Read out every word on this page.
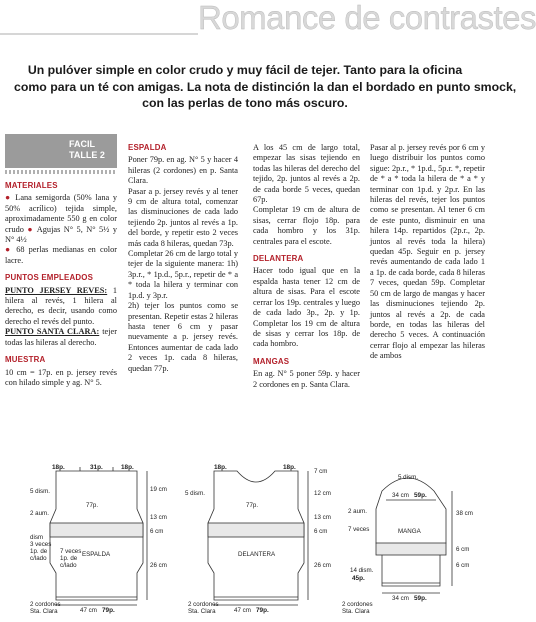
Romance de contrastes
Un pulóver simple en color crudo y muy fácil de tejer. Tanto para la oficina
como para un té con amigas. La nota de distinción la dan el bordado en punto smock,
con las perlas de tono más oscuro.
FACIL
TALLE 2
MATERIALES

● Lana semigorda (50% lana y 50% acrílico) tejida simple, aproximadamente 550 g en color crudo ● Agujas N° 5, N° 5½ y N° 4½

● 68 perlas medianas en color lacre.

PUNTOS EMPLEADOS

PUNTO JERSEY REVES: 1 hilera al revés, 1 hilera al derecho, es decir, usando como derecho el revés del punto.

PUNTO SANTA CLARA: tejer todas las hileras al derecho.

MUESTRA

10 cm = 17p. en p. jersey revés con hilado simple y ag. N° 5.

ESPALDA

Poner 79p. en ag. N° 5 y hacer 4 hileras (2 cordones) en p. Santa Clara.

Pasar a p. jersey revés y al tener 9 cm de altura total, comenzar las disminuciones de cada lado tejiendo 2p. juntos al revés a 1p. del borde, y repetir esto 2 veces más cada 8 hileras, quedan 73p.

Completar 26 cm de largo total y tejer de la siguiente manera: 1h) 3p.r., * 1p.d., 5p.r., repetir de * a * toda la hilera y terminar con 1p.d. y 3p.r.

2h) tejer los puntos como se presentan. Repetir estas 2 hileras hasta tener 6 cm y pasar nuevamente a p. jersey revés. Entonces aumentar de cada lado 2 veces 1p. cada 8 hileras, quedan 77p.

A los 45 cm de largo total, empezar las sisas tejiendo en todas las hileras del derecho del tejido, 2p. juntos al revés a 2p. de cada borde 5 veces, quedan 67p.

Completar 19 cm de altura de sisas, cerrar flojo 18p. para cada hombro y los 31p. centrales para el escote.

DELANTERA

Hacer todo igual que en la espalda hasta tener 12 cm de altura de sisas. Para el escote cerrar los 19p. centrales y luego de cada lado 3p., 2p. y 1p. Completar los 19 cm de altura de sisas y cerrar los 18p. de cada hombro.

MANGAS

En ag. N° 5 poner 59p. y hacer 2 cordones en p. Santa Clara.

Pasar al p. jersey revés por 6 cm y luego distribuir los puntos como sigue: 2p.r., * 1p.d., 5p.r. *, repetir de * a * toda la hilera de * a * y terminar con 1p.d. y 2p.r. En las hileras del revés, tejer los puntos como se presentan. Al tener 6 cm de este punto, disminuir en una hilera 14p. repartidos (2p.r., 2p. juntos al revés toda la hilera) quedan 45p. Seguir en p. jersey revés aumentando de cada lado 1 a 1p. de cada borde, cada 8 hileras 7 veces, quedan 59p. Completar 50 cm de largo de mangas y hacer las disminuciones tejiendo 2p. juntos al revés a 2p. de cada borde, en todas las hileras del derecho 5 veces. A continuación cerrar flojo al empezar las hileras de ambos

18p.	31p.	18p.
19 cm
5 dism.
2 aum.
77p.
13 cm
6 cm
26 cm
dism
3 veces
1p. de
c/lado
7 veces
1p. de
c/lado
ESPALDA
47 cm 79p.
2 cordones
Sta. Clara
18p.	18p.
7 cm
12 cm
5 dism.
77p.
13 cm
6 cm
26 cm
DELANTERA
47 cm 79p.
2 cordones
Sta. Clara
5 dism.
34 cm 59p.
38 cm
6 cm
6 cm
2 aum.
7 veces	MANGA
14 dism.
45p.
34 cm 59p.
2 cordones
Sta. Clara
